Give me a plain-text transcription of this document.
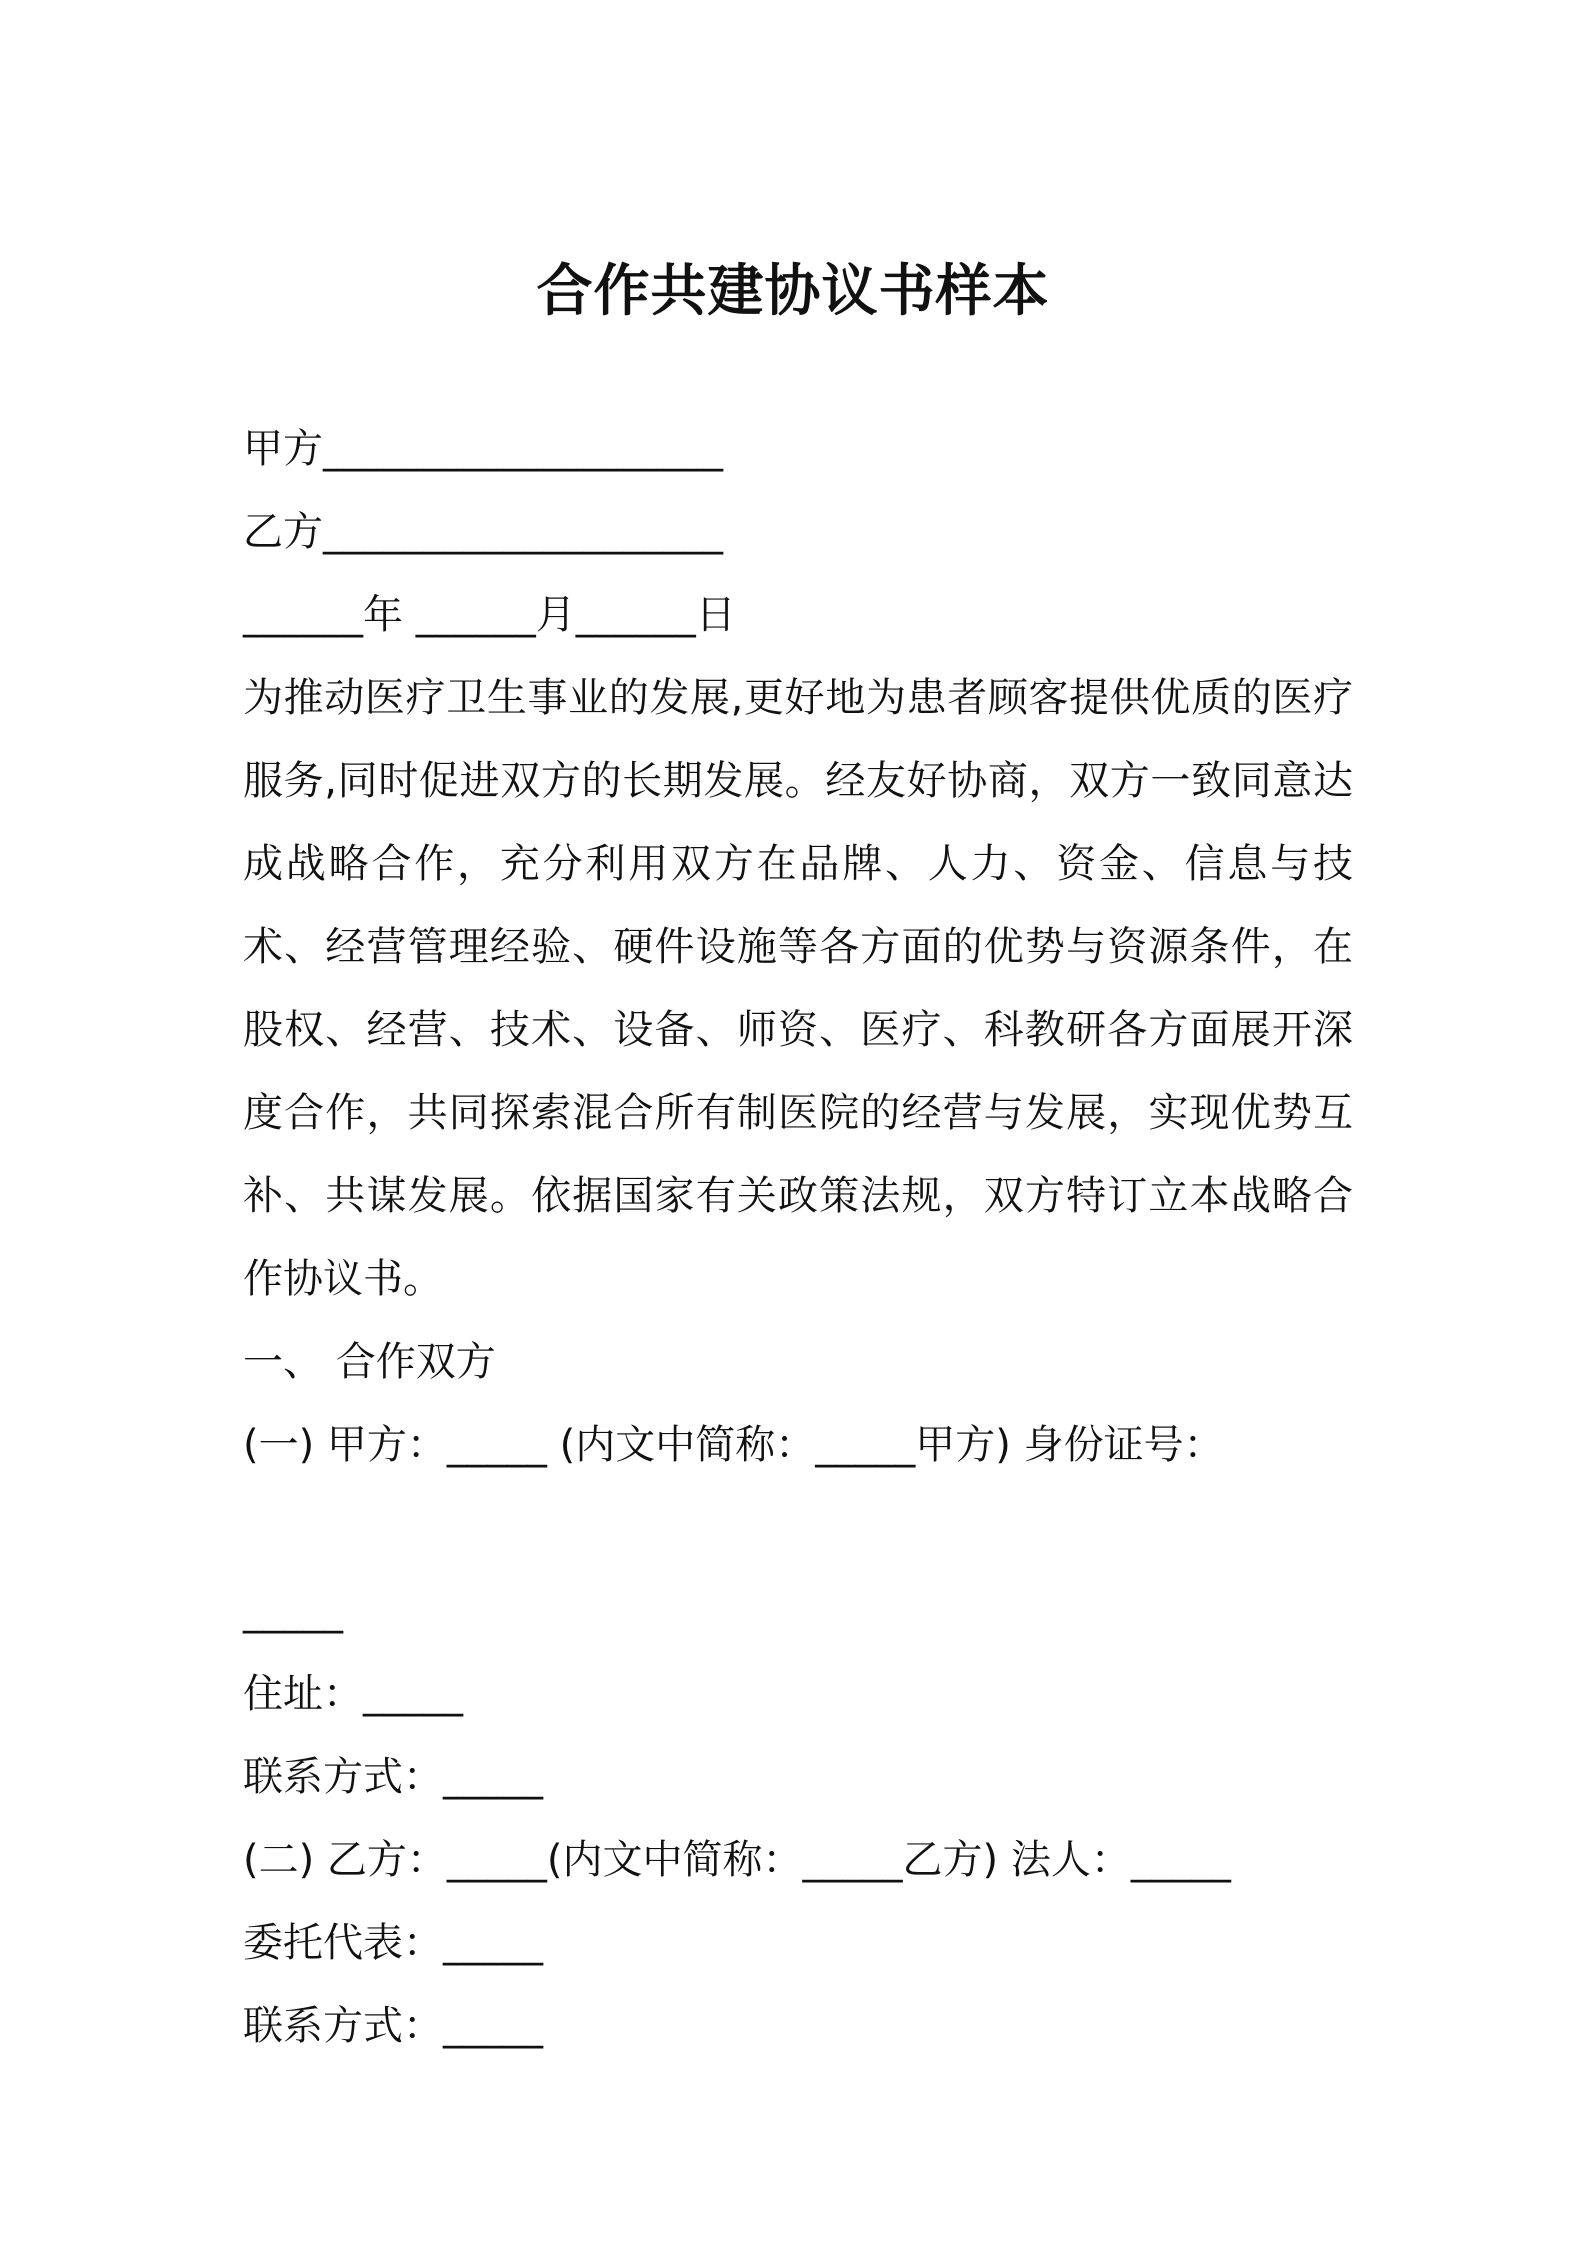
合作共建协议书样本
甲方____________________
乙方____________________
______年 ______月______日
为推动医疗卫生事业的发展,更好地为患者顾客提供优质的医疗服务,同时促进双方的长期发展。经友好协商，双方一致同意达成战略合作，充分利用双方在品牌、人力、资金、信息与技术、经营管理经验、硬件设施等各方面的优势与资源条件，在股权、经营、技术、设备、师资、医疗、科教研各方面展开深度合作，共同探索混合所有制医院的经营与发展，实现优势互补、共谋发展。依据国家有关政策法规，双方特订立本战略合作协议书。
一、 合作双方
(一) 甲方：_____ (内文中简称：_____甲方) 身份证号：
_____
住址：_____
联系方式：_____
(二) 乙方：_____(内文中简称：_____乙方) 法人：_____
委托代表：_____
联系方式：_____
